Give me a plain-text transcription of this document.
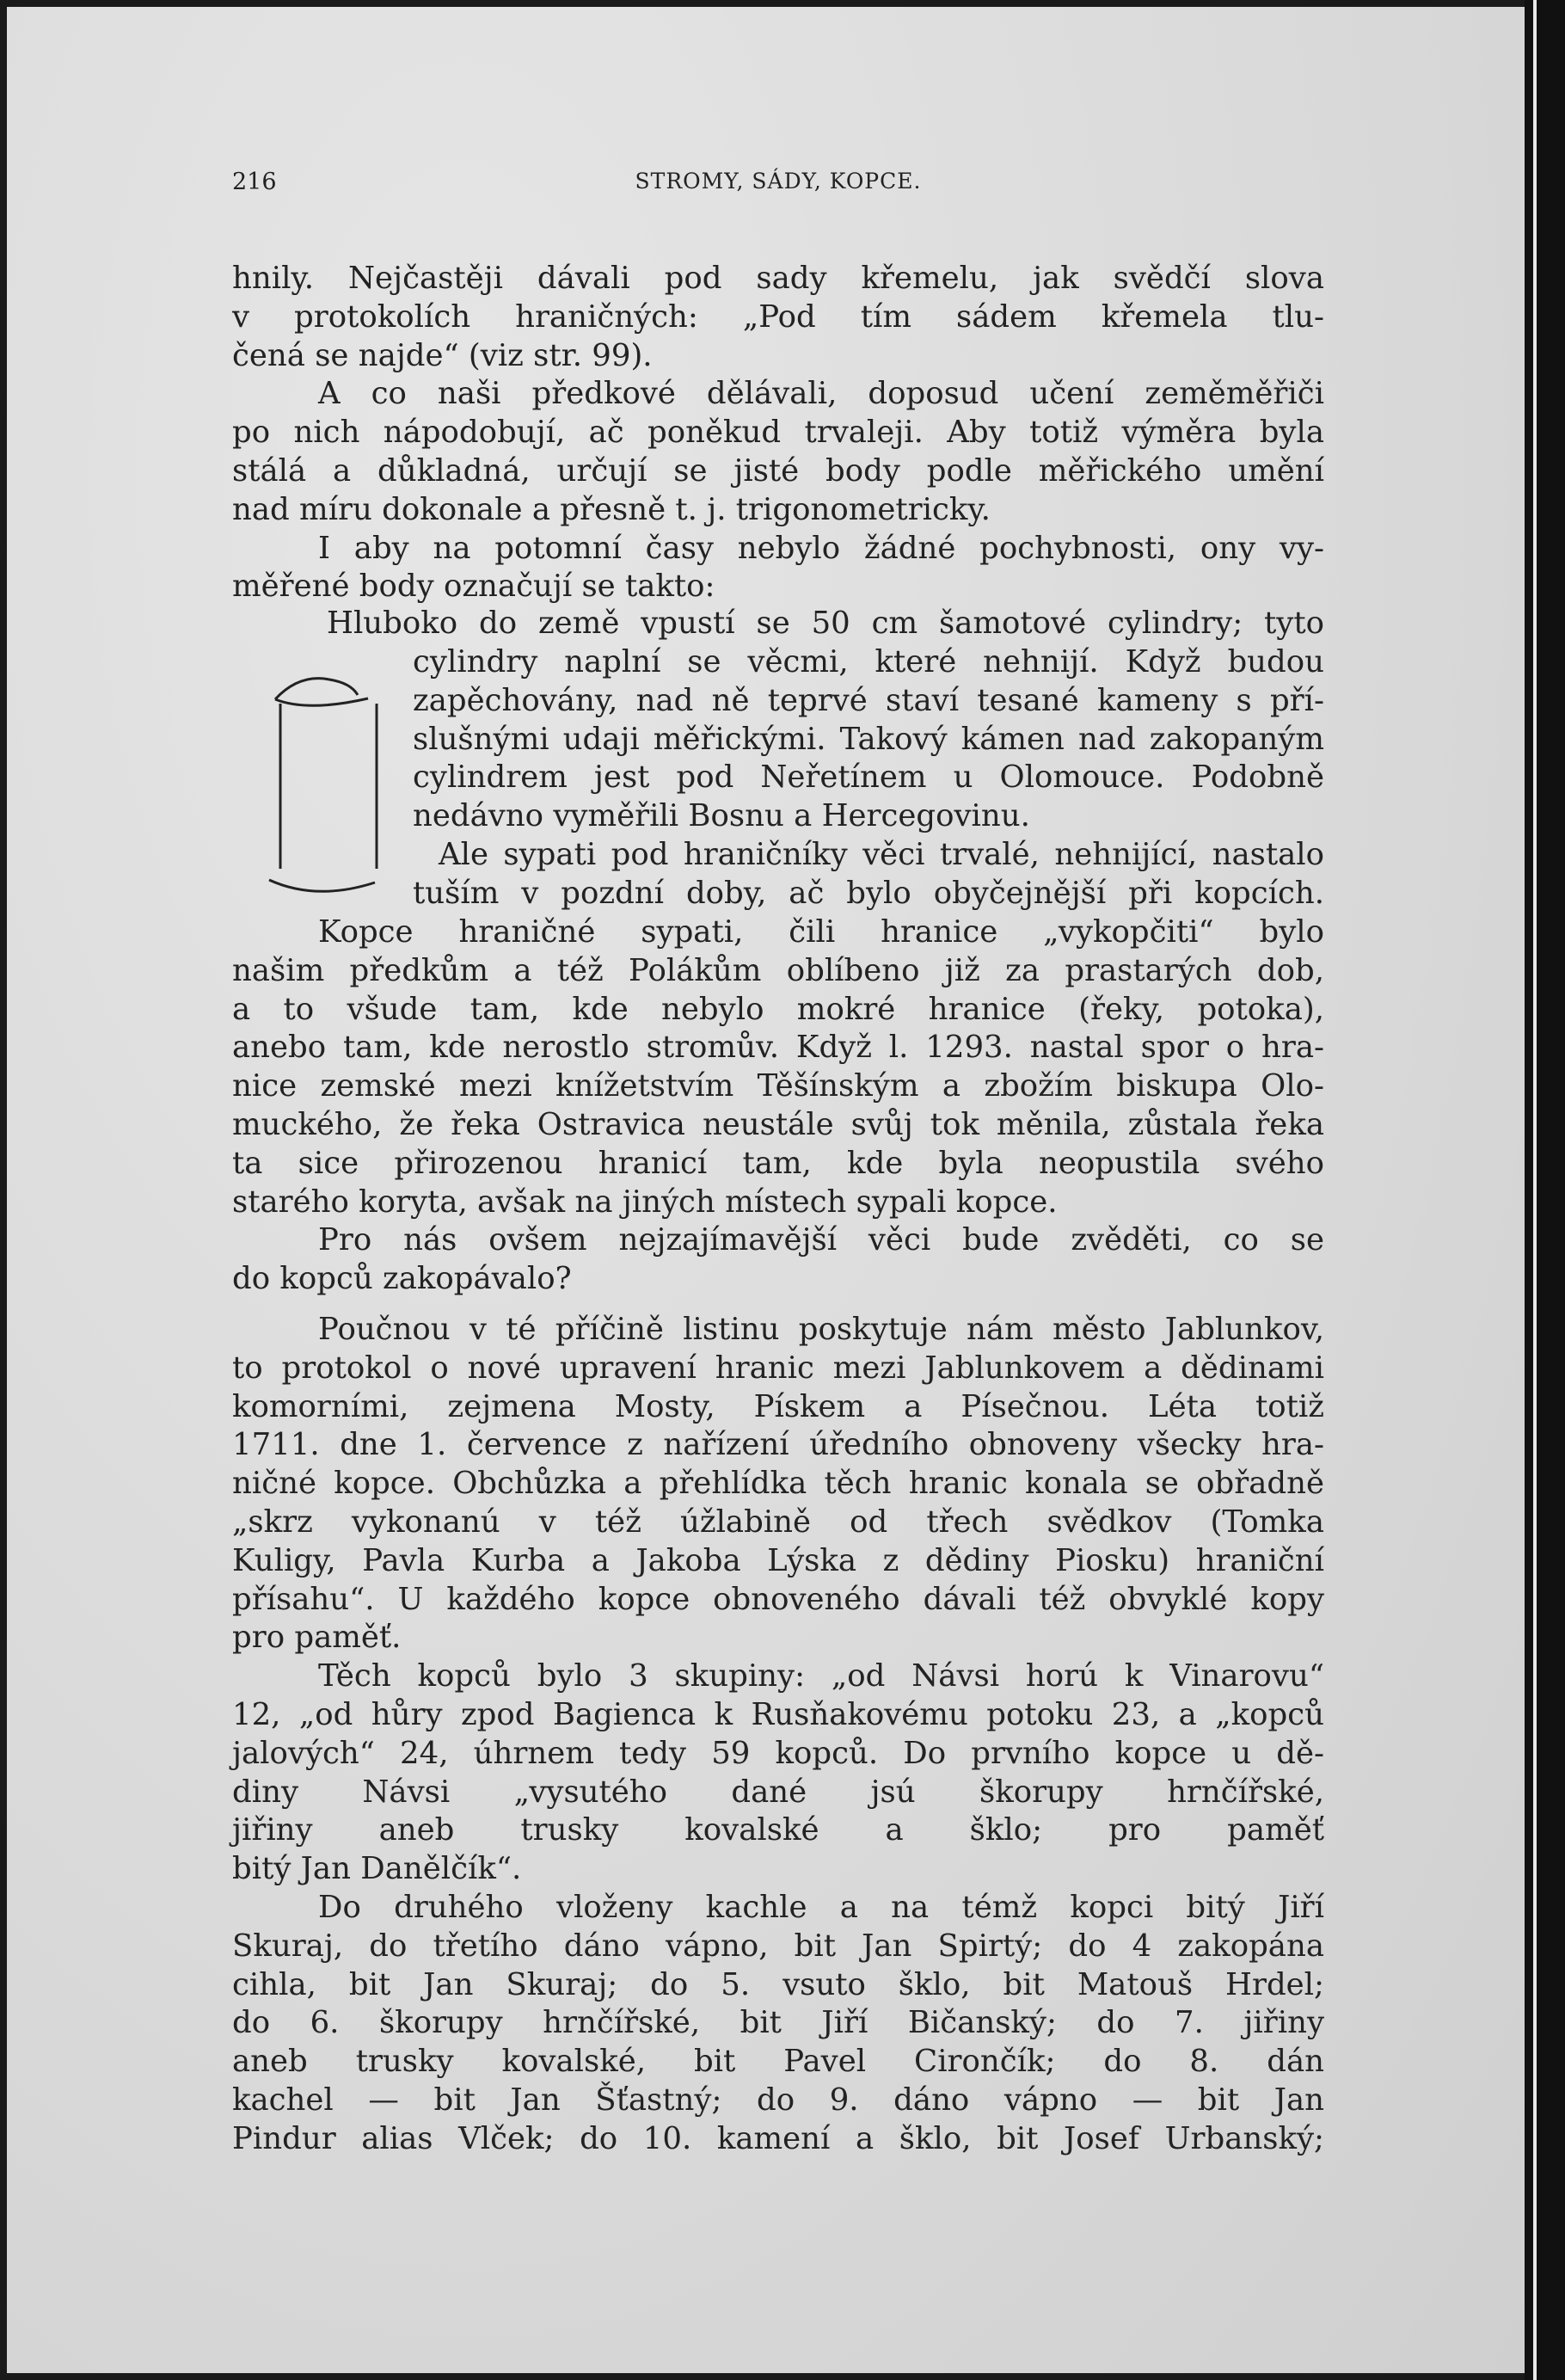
216	STROMY, SÁDY, KOPCE.

hnily. Nejčastěji dávali pod sady křemelu, jak svědčí slova

v protokolích hraničných: „Pod tím sádem křemela tlu-

čená se najde“ (viz str. 99).

A co naši předkové dělávali, doposud učení zeměměřiči

po nich nápodobují, ač poněkud trvaleji. Aby totiž výměra byla

stálá a důkladná, určují se jisté body podle měřického umění

nad míru dokonale a přesně t. j. trigonometricky.

I aby na potomní časy nebylo žádné pochybnosti, ony vy-

měřené body označují se takto:

Hluboko do země vpustí se 50 cm šamotové cylindry; tyto

cylindry naplní se věcmi, které nehnijí. Když budou

zapěchovány, nad ně teprvé staví tesané kameny s pří-

slušnými udaji měřickými. Takový kámen nad zakopaným

cylindrem jest pod Neřetínem u Olomouce. Podobně

nedávno vyměřili Bosnu a Hercegovinu.

Ale sypati pod hraničníky věci trvalé, nehnijící, nastalo

tuším v pozdní doby, ač bylo obyčejnější při kopcích.

Kopce hraničné sypati, čili hranice „vykopčiti“ bylo

našim předkům a též Polákům oblíbeno již za prastarých dob,

a to všude tam, kde nebylo mokré hranice (řeky, potoka),

anebo tam, kde nerostlo stromův. Když l. 1293. nastal spor o hra-

nice zemské mezi knížetstvím Těšínským a zbožím biskupa Olo-

muckého, že řeka Ostravica neustále svůj tok měnila, zůstala řeka

ta sice přirozenou hranicí tam, kde byla neopustila svého

starého koryta, avšak na jiných místech sypali kopce.

Pro nás ovšem nejzajímavější věci bude zvěděti, co se

do kopců zakopávalo?

Poučnou v té příčině listinu poskytuje nám město Jablunkov,

to protokol o nové upravení hranic mezi Jablunkovem a dědinami

komorními, zejmena Mosty, Pískem a Písečnou. Léta totiž

1711. dne 1. července z nařízení úředního obnoveny všecky hra-

ničné kopce. Obchůzka a přehlídka těch hranic konala se obřadně

„skrz vykonanú v též úžlabině od třech svědkov (Tomka

Kuligy, Pavla Kurba a Jakoba Lýska z dědiny Piosku) hraniční

přísahu“. U každého kopce obnoveného dávali též obvyklé kopy

pro paměť.

Těch kopců bylo 3 skupiny: „od Návsi horú k Vinarovu“

12, „od hůry zpod Bagienca k Rusňakovému potoku 23, a „kopců

jalových“ 24, úhrnem tedy 59 kopců. Do prvního kopce u dě-

diny Návsi „vysutého dané jsú škorupy hrnčířské,

jiřiny aneb trusky kovalské a šklo; pro paměť

bitý Jan Danělčík“.

Do druhého vloženy kachle a na témž kopci bitý Jiří

Skuraj, do třetího dáno vápno, bit Jan Spirtý; do 4 zakopána

cihla, bit Jan Skuraj; do 5. vsuto šklo, bit Matouš Hrdel;

do 6. škorupy hrnčířské, bit Jiří Bičanský; do 7. jiřiny

aneb trusky kovalské, bit Pavel Cirončík; do 8. dán

kachel — bit Jan Šťastný; do 9. dáno vápno — bit Jan

Pindur alias Vlček; do 10. kamení a šklo, bit Josef Urbanský;
